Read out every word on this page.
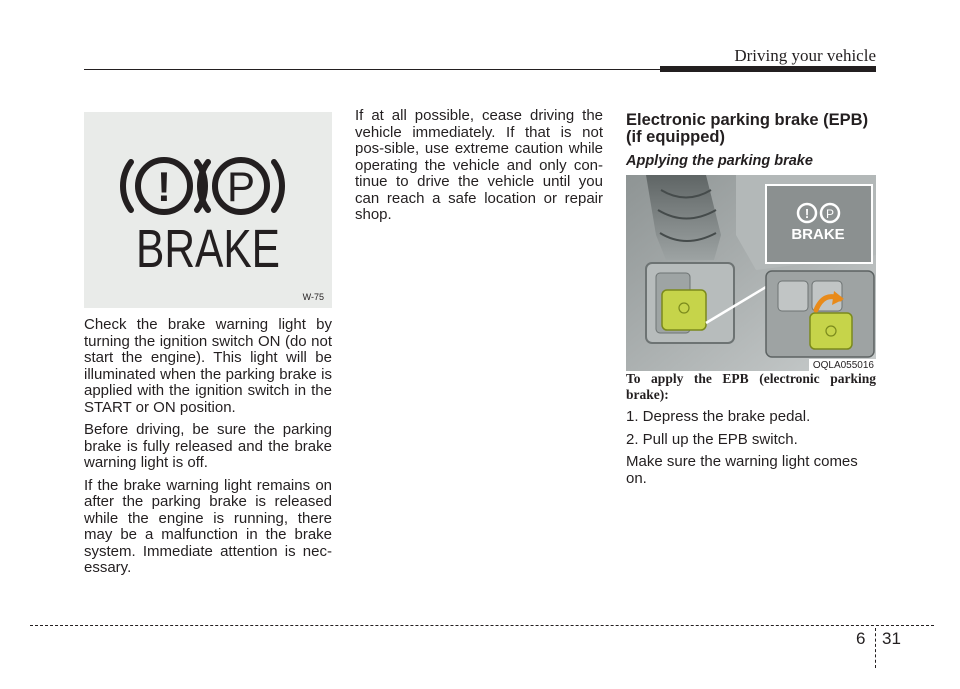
Driving your vehicle
! P
BRAKE
W-75

Check the brake warning light by turning the ignition switch ON (do not start the engine). This light will be illuminated when the parking brake is applied with the ignition switch in the START or ON position.

Before driving, be sure the parking brake is fully released and the brake warning light is off.

If the brake warning light remains on after the parking brake is released while the engine is running, there may be a malfunction in the brake system. Immediate attention is nec-essary.

If at all possible, cease driving the vehicle immediately. If that is not pos-sible, use extreme caution while operating the vehicle and only con-tinue to drive the vehicle until you can reach a safe location or repair shop.

Electronic parking brake (EPB) (if equipped)
Applying the parking brake
! P
BRAKE
OQLA055016

To apply the EPB (electronic parking brake):

1. Depress the brake pedal.

2. Pull up the EPB switch.

Make sure the warning light comes on.

6 31
